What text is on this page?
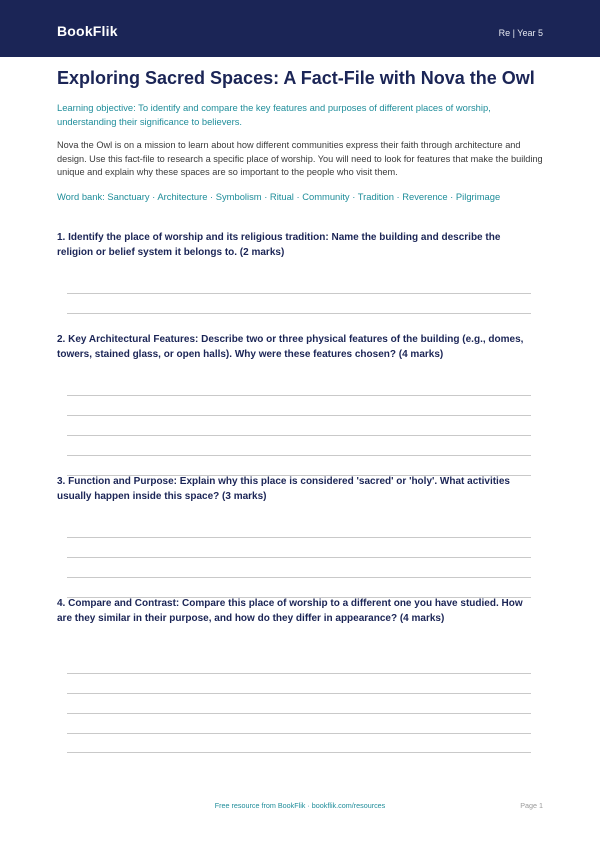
BookFlik	Re | Year 5
Exploring Sacred Spaces: A Fact-File with Nova the Owl

Learning objective: To identify and compare the key features and purposes of different places of worship, understanding their significance to believers.

Nova the Owl is on a mission to learn about how different communities express their faith through architecture and design. Use this fact-file to research a specific place of worship. You will need to look for features that make the building unique and explain why these spaces are so important to the people who visit them.

Word bank: Sanctuary · Architecture · Symbolism · Ritual · Community · Tradition · Reverence · Pilgrimage

1. Identify the place of worship and its religious tradition: Name the building and describe the religion or belief system it belongs to. (2 marks)

2. Key Architectural Features: Describe two or three physical features of the building (e.g., domes, towers, stained glass, or open halls). Why were these features chosen? (4 marks)

3. Function and Purpose: Explain why this place is considered 'sacred' or 'holy'. What activities usually happen inside this space? (3 marks)

4. Compare and Contrast: Compare this place of worship to a different one you have studied. How are they similar in their purpose, and how do they differ in appearance? (4 marks)

Free resource from BookFlik · bookflik.com/resources	Page 1
